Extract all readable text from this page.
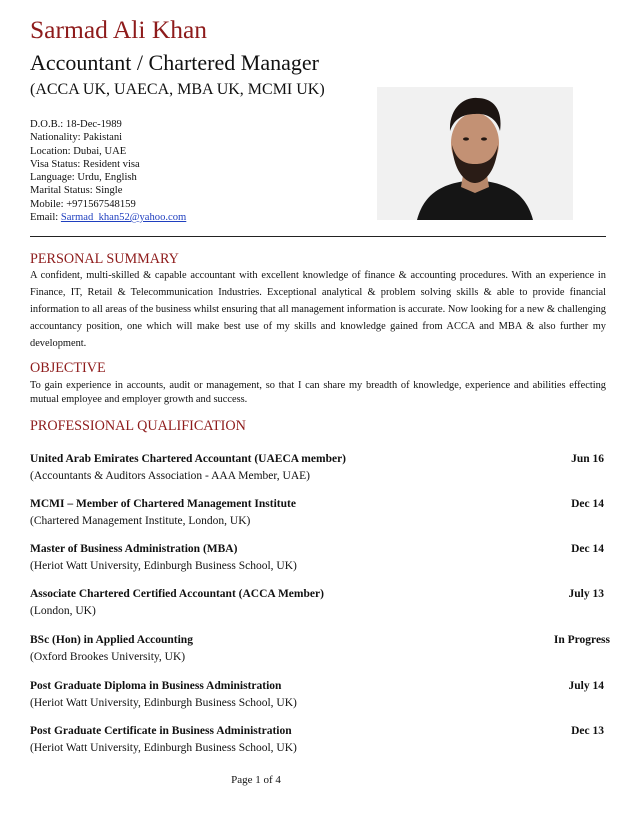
Sarmad Ali Khan
Accountant / Chartered Manager
(ACCA UK, UAECA, MBA UK, MCMI UK)
D.O.B.: 18-Dec-1989
Nationality: Pakistani
Location: Dubai, UAE
Visa Status: Resident visa
Language: Urdu, English
Marital Status: Single
Mobile: +971567548159
Email: Sarmad_khan52@yahoo.com
PERSONAL SUMMARY
A confident, multi-skilled & capable accountant with excellent knowledge of finance & accounting procedures. With an experience in Finance, IT, Retail & Telecommunication Industries. Exceptional analytical & problem solving skills & able to provide financial information to all areas of the business whilst ensuring that all management information is accurate. Now looking for a new & challenging accountancy position, one which will make best use of my skills and knowledge gained from ACCA and MBA & also further my development.
OBJECTIVE
To gain experience in accounts, audit or management, so that I can share my breadth of knowledge, experience and abilities effecting mutual employee and employer growth and success.
PROFESSIONAL QUALIFICATION
United Arab Emirates Chartered Accountant (UAECA member)	Jun 16
(Accountants & Auditors Association - AAA Member, UAE)
MCMI – Member of Chartered Management Institute	Dec 14
(Chartered Management Institute, London, UK)
Master of Business Administration (MBA)	Dec 14
(Heriot Watt University, Edinburgh Business School, UK)
Associate Chartered Certified Accountant (ACCA Member)	July 13
(London, UK)
BSc (Hon) in Applied Accounting	In Progress
(Oxford Brookes University, UK)
Post Graduate Diploma in Business Administration	July 14
(Heriot Watt University, Edinburgh Business School, UK)
Post Graduate Certificate in Business Administration	Dec 13
(Heriot Watt University, Edinburgh Business School, UK)
Page 1 of 4
